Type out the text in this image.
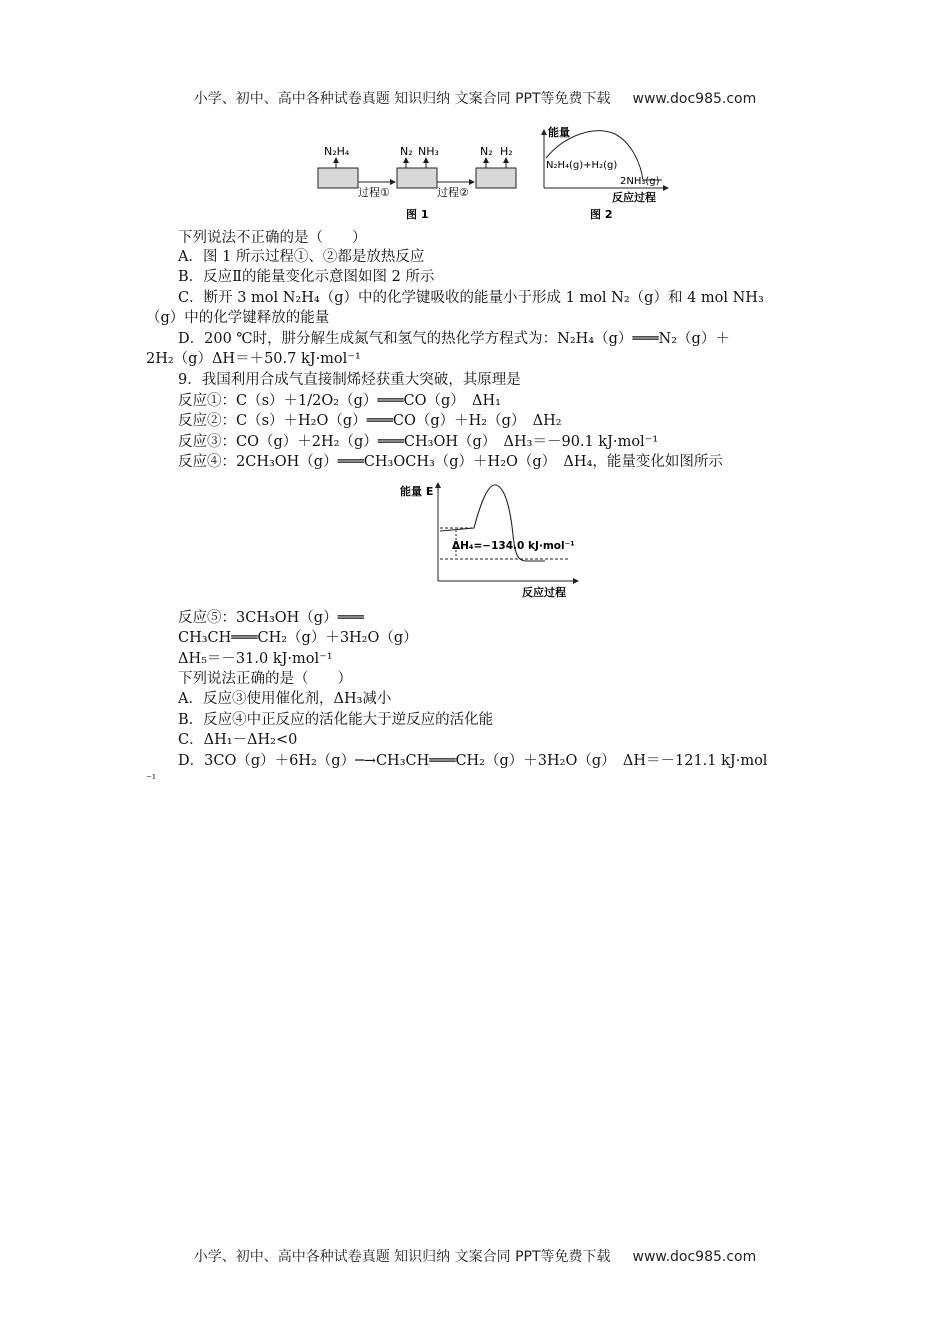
小学、初中、高中各种试卷真题 知识归纳 文案合同 PPT等免费下载 www.doc985.com
N₂H₄	N₂ NH₃	N₂ H₂
过程①	过程②
图 1
能量
N₂H₄(g)+H₂(g)
2NH₃(g)
反应过程
图 2
下列说法不正确的是（　　）
A．图 1 所示过程①、②都是放热反应
B．反应Ⅱ的能量变化示意图如图 2 所示
C．断开 3 mol N₂H₄（g）中的化学键吸收的能量小于形成 1 mol N₂（g）和 4 mol NH₃
（g）中的化学键释放的能量
D．200 ℃时，肼分解生成氮气和氢气的热化学方程式为：N₂H₄（g）═══N₂（g）＋
2H₂（g）ΔH＝＋50.7 kJ·mol⁻¹
9．我国利用合成气直接制烯烃获重大突破，其原理是
反应①：C（s）＋1/2O₂（g）═══CO（g）　ΔH₁
反应②：C（s）＋H₂O（g）═══CO（g）＋H₂（g）　ΔH₂
反应③：CO（g）＋2H₂（g）═══CH₃OH（g）　ΔH₃＝－90.1 kJ·mol⁻¹
反应④：2CH₃OH（g）═══CH₃OCH₃（g）＋H₂O（g）　ΔH₄，能量变化如图所示
能量 E
ΔH₄=−134.0 kJ·mol⁻¹
反应过程
反应⑤：3CH₃OH（g）═══
CH₃CH═══CH₂（g）＋3H₂O（g）
ΔH₅＝－31.0 kJ·mol⁻¹
下列说法正确的是（　　）
A．反应③使用催化剂，ΔH₃减小
B．反应④中正反应的活化能大于逆反应的活化能
C．ΔH₁－ΔH₂<0
D．3CO（g）＋6H₂（g）─→CH₃CH═══CH₂（g）＋3H₂O（g）　ΔH＝－121.1 kJ·mol
⁻¹
小学、初中、高中各种试卷真题 知识归纳 文案合同 PPT等免费下载 www.doc985.com
